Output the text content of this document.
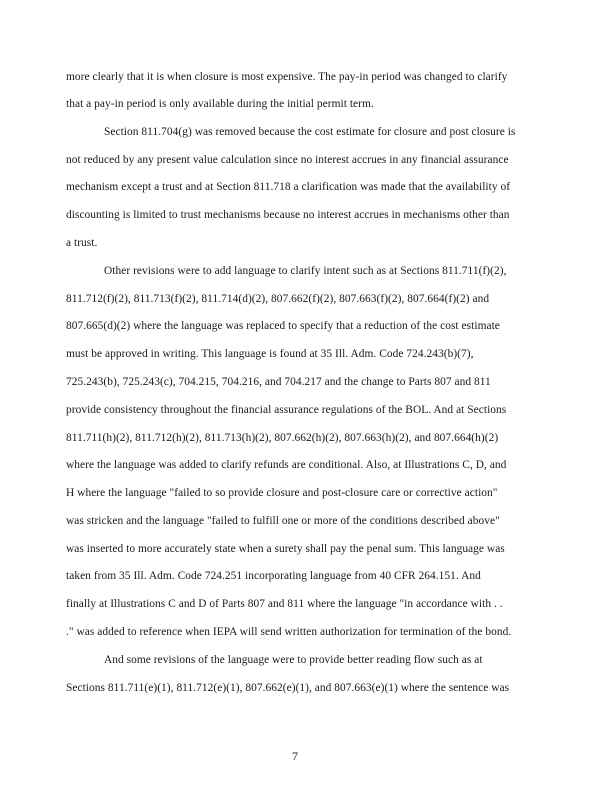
more clearly that it is when closure is most expensive. The pay-in period was changed to clarify
that a pay-in period is only available during the initial permit term.
Section 811.704(g) was removed because the cost estimate for closure and post closure is
not reduced by any present value calculation since no interest accrues in any financial assurance
mechanism except a trust and at Section 811.718 a clarification was made that the availability of
discounting is limited to trust mechanisms because no interest accrues in mechanisms other than
a trust.
Other revisions were to add language to clarify intent such as at Sections 811.711(f)(2),
811.712(f)(2), 811.713(f)(2), 811.714(d)(2), 807.662(f)(2), 807.663(f)(2), 807.664(f)(2) and
807.665(d)(2) where the language was replaced to specify that a reduction of the cost estimate
must be approved in writing. This language is found at 35 Ill. Adm. Code 724.243(b)(7),
725.243(b), 725.243(c), 704.215, 704.216, and 704.217 and the change to Parts 807 and 811
provide consistency throughout the financial assurance regulations of the BOL. And at Sections
811.711(h)(2), 811.712(h)(2), 811.713(h)(2), 807.662(h)(2), 807.663(h)(2), and 807.664(h)(2)
where the language was added to clarify refunds are conditional. Also, at Illustrations C, D, and
H where the language "failed to so provide closure and post-closure care or corrective action"
was stricken and the language "failed to fulfill one or more of the conditions described above"
was inserted to more accurately state when a surety shall pay the penal sum. This language was
taken from 35 Ill. Adm. Code 724.251 incorporating language from 40 CFR 264.151. And
finally at Illustrations C and D of Parts 807 and 811 where the language "in accordance with . .
." was added to reference when IEPA will send written authorization for termination of the bond.
And some revisions of the language were to provide better reading flow such as at
Sections 811.711(e)(1), 811.712(e)(1), 807.662(e)(1), and 807.663(e)(1) where the sentence was
7
